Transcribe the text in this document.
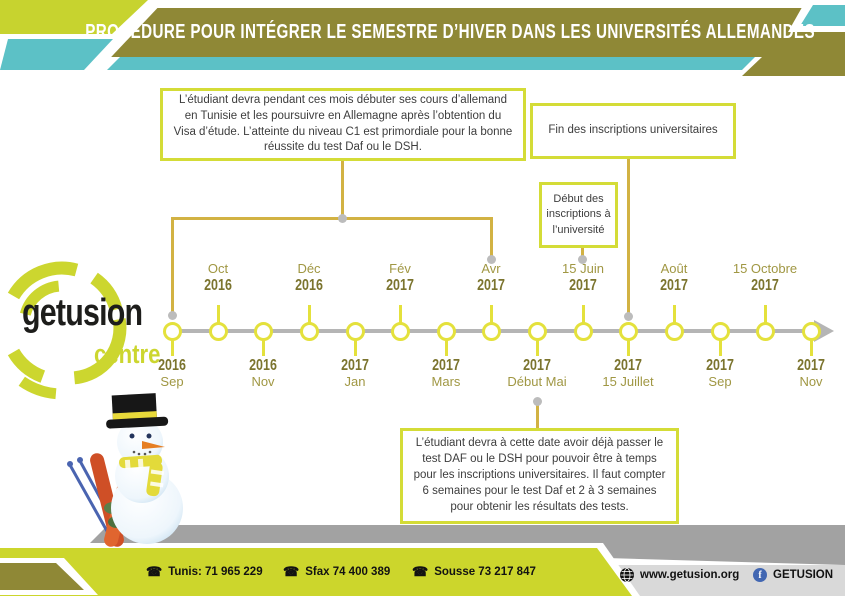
PROCÉDURE POUR INTÉGRER LE SEMESTRE D’HIVER DANS LES UNIVERSITÉS ALLEMANDES
getusion
centre
L’étudiant devra pendant ces mois débuter ses cours d’allemand en Tunisie et les poursuivre en Allemagne après l’obtention du Visa d’étude. L’atteinte du niveau C1 est primordiale pour la bonne réussite du test Daf ou le DSH.
Fin des inscriptions universitaires
Début des inscriptions à l’université
L’étudiant devra à cette date avoir déjà passer le test DAF ou le DSH pour pouvoir être à temps pour les inscriptions universitaires. Il faut compter 6 semaines pour le test Daf et 2 à 3 semaines pour obtenir les résultats des tests.
2016
Sep
Oct
2016
2016
Nov
Déc
2016
2017
Jan
Fév
2017
2017
Mars
Avr
2017
2017
Début Mai
15 Juin
2017
2017
15 Juillet
Août
2017
2017
Sep
15 Octobre
2017
2017
Nov
☎ Tunis: 71 965 229 ☎ Sfax 74 400 389 ☎ Sousse 73 217 847	www.getusion.org	f GETUSION
